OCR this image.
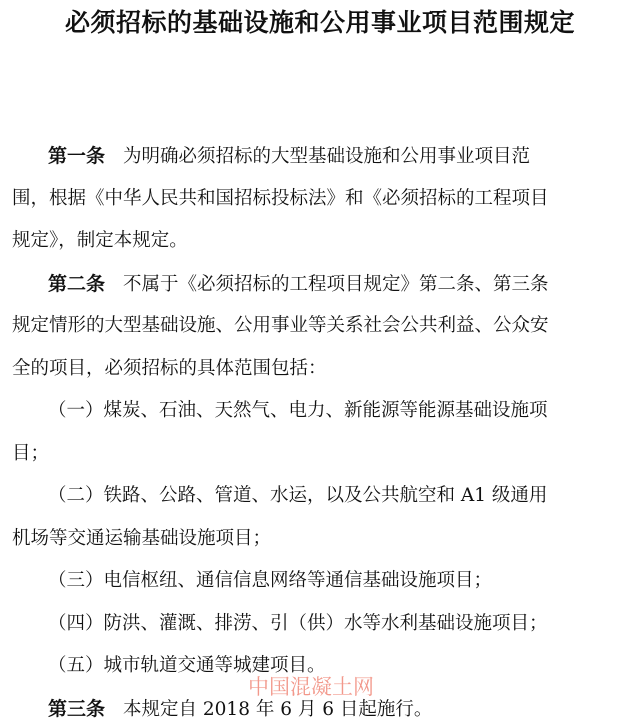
必须招标的基础设施和公用事业项目范围规定
第一条 为明确必须招标的大型基础设施和公用事业项目范
围，根据《中华人民共和国招标投标法》和《必须招标的工程项目
规定》，制定本规定。
第二条 不属于《必须招标的工程项目规定》第二条、第三条
规定情形的大型基础设施、公用事业等关系社会公共利益、公众安
全的项目，必须招标的具体范围包括：
（一）煤炭、石油、天然气、电力、新能源等能源基础设施项
目；
（二）铁路、公路、管道、水运，以及公共航空和 A1 级通用
机场等交通运输基础设施项目；
（三）电信枢纽、通信信息网络等通信基础设施项目；
（四）防洪、灌溉、排涝、引（供）水等水利基础设施项目；
（五）城市轨道交通等城建项目。
第三条 本规定自 2018 年 6 月 6 日起施行。
中国混凝土网
